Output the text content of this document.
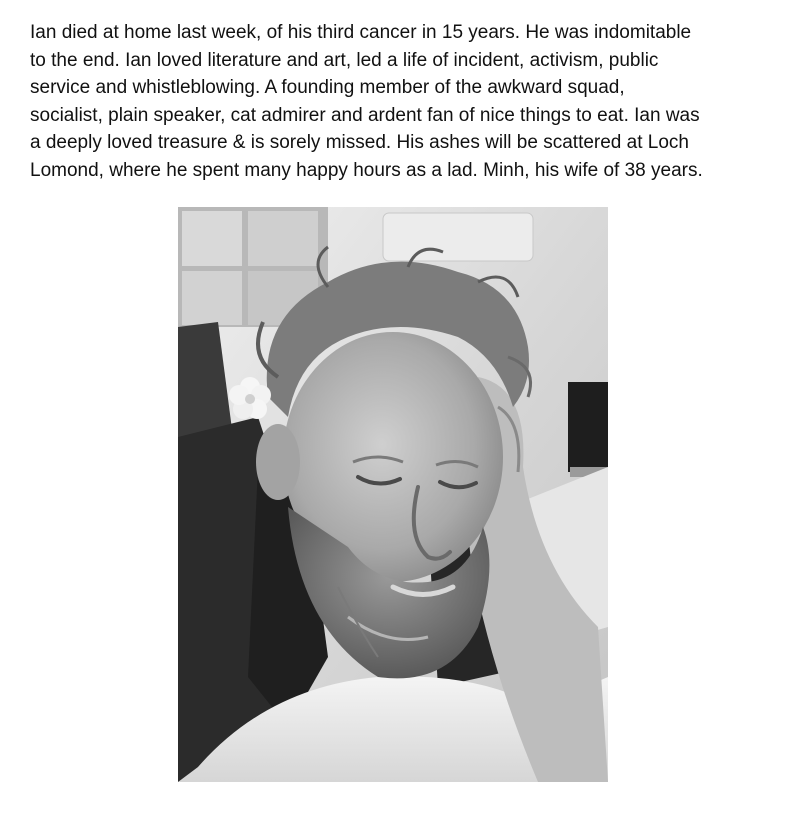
Ian died at home last week, of his third cancer in 15 years. He was indomitable
to the end. Ian loved literature and art, led a life of incident, activism, public
service and whistleblowing. A founding member of the awkward squad,
socialist, plain speaker, cat admirer and ardent fan of nice things to eat. Ian was
a deeply loved treasure & is sorely missed. His ashes will be scattered at Loch
Lomond, where he spent many happy hours as a lad. Minh, his wife of 38 years.
